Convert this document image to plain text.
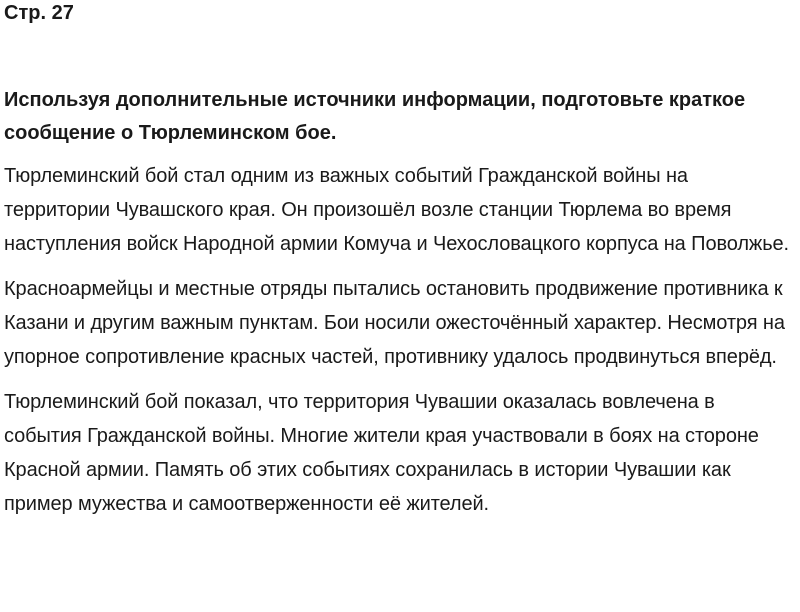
Стр. 27

Используя дополнительные источники информации, подготовьте краткое сообщение о Тюрлеминском бое.

Тюрлеминский бой стал одним из важных событий Гражданской войны на территории Чувашского края. Он произошёл возле станции Тюрлема во время наступления войск Народной армии Комуча и Чехословацкого корпуса на Поволжье.

Красноармейцы и местные отряды пытались остановить продвижение противника к Казани и другим важным пунктам. Бои носили ожесточённый характер. Несмотря на упорное сопротивление красных частей, противнику удалось продвинуться вперёд.

Тюрлеминский бой показал, что территория Чувашии оказалась вовлечена в события Гражданской войны. Многие жители края участвовали в боях на стороне Красной армии. Память об этих событиях сохранилась в истории Чувашии как пример мужества и самоотверженности её жителей.
